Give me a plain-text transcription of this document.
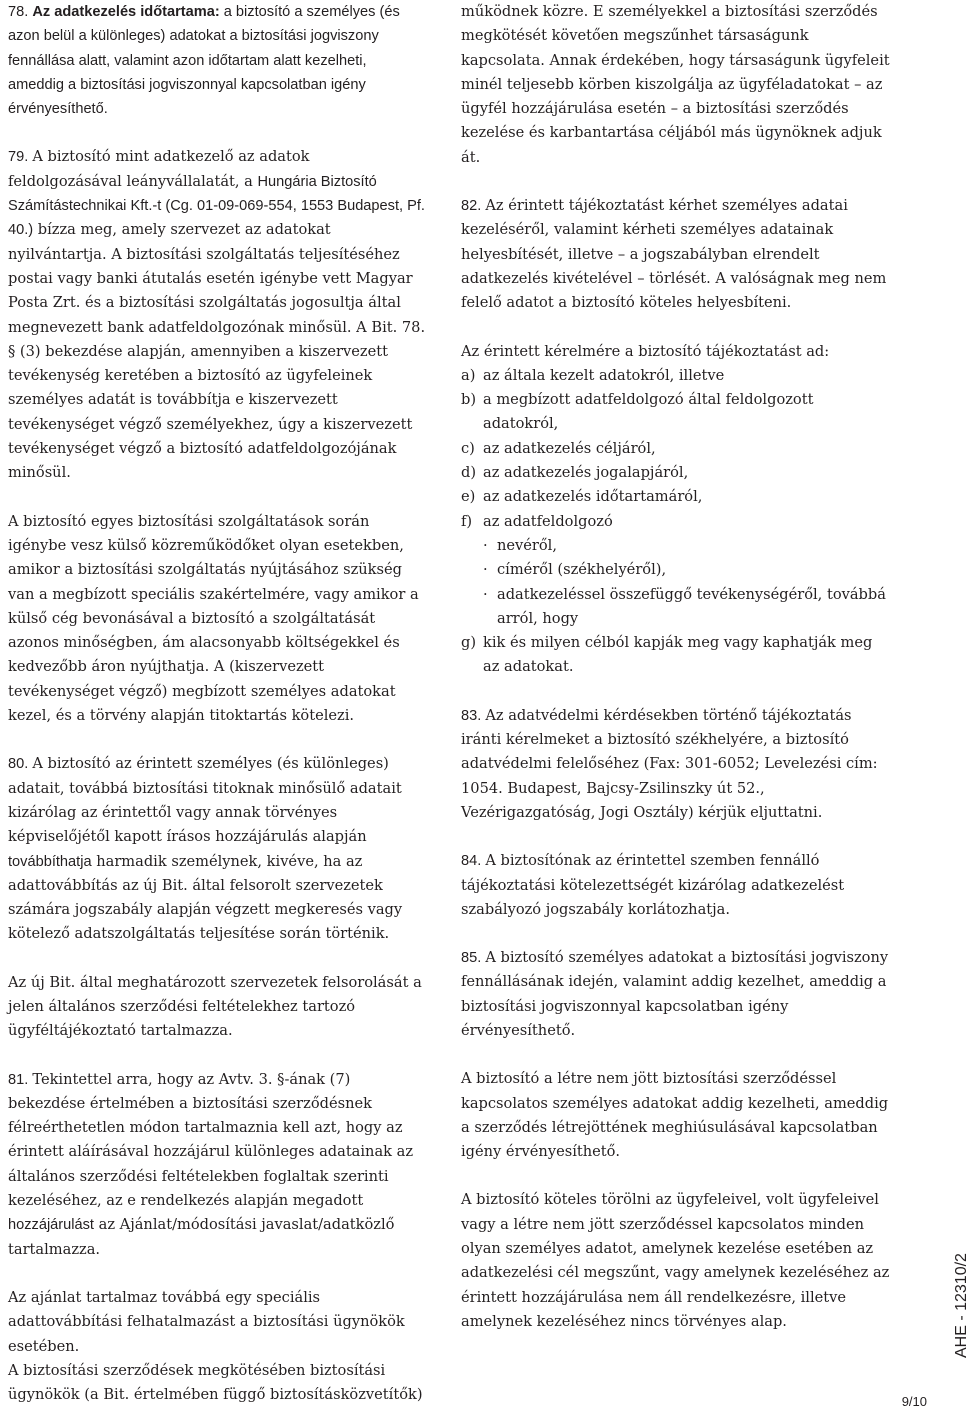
78. Az adatkezelés időtartama: a biztosító a személyes (és azon belül a különleges) adatokat a biztosítási jogviszony fennállása alatt, valamint azon időtartam alatt kezelheti, ameddig a biztosítási jogviszonnyal kapcsolatban igény érvényesíthető.

79. A biztosító mint adatkezelő az adatok feldolgozásával leányvállalatát, a Hungária Biztosító Számítástechnikai Kft.-t (Cg. 01-09-069-554, 1553 Budapest, Pf. 40.) bízza meg, amely szervezet az adatokat nyilvántartja. A biztosítási szolgáltatás teljesítéséhez postai vagy banki átutalás esetén igénybe vett Magyar Posta Zrt. és a biztosítási szolgáltatás jogosultja által megnevezett bank adatfeldolgozónak minősül. A Bit. 78. § (3) bekezdése alapján, amennyiben a kiszervezett tevékenység keretében a biztosító az ügyfeleinek személyes adatát is továbbítja e kiszervezett tevékenységet végző személyekhez, úgy a kiszervezett tevékenységet végző a biztosító adatfeldolgozójának minősül.

A biztosító egyes biztosítási szolgáltatások során igénybe vesz külső közreműködőket olyan esetekben, amikor a biztosítási szolgáltatás nyújtásához szükség van a megbízott speciális szakértelmére, vagy amikor a külső cég bevonásával a biztosító a szolgáltatását azonos minőségben, ám alacsonyabb költségekkel és kedvezőbb áron nyújthatja. A (kiszervezett tevékenységet végző) megbízott személyes adatokat kezel, és a törvény alapján titoktartás kötelezi.

80. A biztosító az érintett személyes (és különleges) adatait, továbbá biztosítási titoknak minősülő adatait kizárólag az érintettől vagy annak törvényes képviselőjétől kapott írásos hozzájárulás alapján továbbíthatja harmadik személynek, kivéve, ha az adattovábbítás az új Bit. által felsorolt szervezetek számára jogszabály alapján végzett megkeresés vagy kötelező adatszolgáltatás teljesítése során történik.

Az új Bit. által meghatározott szervezetek felsorolását a jelen általános szerződési feltételekhez tartozó ügyféltájékoztató tartalmazza.

81. Tekintettel arra, hogy az Avtv. 3. §-ának (7) bekezdése értelmében a biztosítási szerződésnek félreérthetetlen módon tartalmaznia kell azt, hogy az érintett aláírásával hozzájárul különleges adatainak az általános szerződési feltételekben foglaltak szerinti kezeléséhez, az e rendelkezés alapján megadott hozzájárulást az Ajánlat/módosítási javaslat/adatközlő tartalmazza.

Az ajánlat tartalmaz továbbá egy speciális adattovábbítási felhatalmazást a biztosítási ügynökök esetében.

A biztosítási szerződések megkötésében biztosítási ügynökök (a Bit. értelmében függő biztosításközvetítők)

működnek közre. E személyekkel a biztosítási szerződés megkötését követően megszűnhet társaságunk kapcsolata. Annak érdekében, hogy társaságunk ügyfeleit minél teljesebb körben kiszolgálja az ügyféladatokat – az ügyfél hozzájárulása esetén – a biztosítási szerződés kezelése és karbantartása céljából más ügynöknek adjuk át.

82. Az érintett tájékoztatást kérhet személyes adatai kezeléséről, valamint kérheti személyes adatainak helyesbítését, illetve – a jogszabályban elrendelt adatkezelés kivételével – törlését. A valóságnak meg nem felelő adatot a biztosító köteles helyesbíteni.

Az érintett kérelmére a biztosító tájékoztatást ad:

a) az általa kezelt adatokról, illetve
b) a megbízott adatfeldolgozó által feldolgozott adatokról,
c) az adatkezelés céljáról,
d) az adatkezelés jogalapjáról,
e) az adatkezelés időtartamáról,
f) az adatfeldolgozó
· nevéről,
· címéről (székhelyéről),
· adatkezeléssel összefüggő tevékenységéről, továbbá arról, hogy
g) kik és milyen célból kapják meg vagy kaphatják meg az adatokat.

83. Az adatvédelmi kérdésekben történő tájékoztatás iránti kérelmeket a biztosító székhelyére, a biztosító adatvédelmi felelőséhez (Fax: 301-6052; Levelezési cím: 1054. Budapest, Bajcsy-Zsilinszky út 52., Vezérigazgatóság, Jogi Osztály) kérjük eljuttatni.

84. A biztosítónak az érintettel szemben fennálló tájékoztatási kötelezettségét kizárólag adatkezelést szabályozó jogszabály korlátozhatja.

85. A biztosító személyes adatokat a biztosítási jogviszony fennállásának idején, valamint addig kezelhet, ameddig a biztosítási jogviszonnyal kapcsolatban igény érvényesíthető.

A biztosító a létre nem jött biztosítási szerződéssel kapcsolatos személyes adatokat addig kezelheti, ameddig a szerződés létrejöttének meghiúsulásával kapcsolatban igény érvényesíthető.

A biztosító köteles törölni az ügyfeleivel, volt ügyfeleivel vagy a létre nem jött szerződéssel kapcsolatos minden olyan személyes adatot, amelynek kezelése esetében az adatkezelési cél megszűnt, vagy amelynek kezeléséhez az érintett hozzájárulása nem áll rendelkezésre, illetve amelynek kezeléséhez nincs törvényes alap.	AHE - 12310/2
9/10
